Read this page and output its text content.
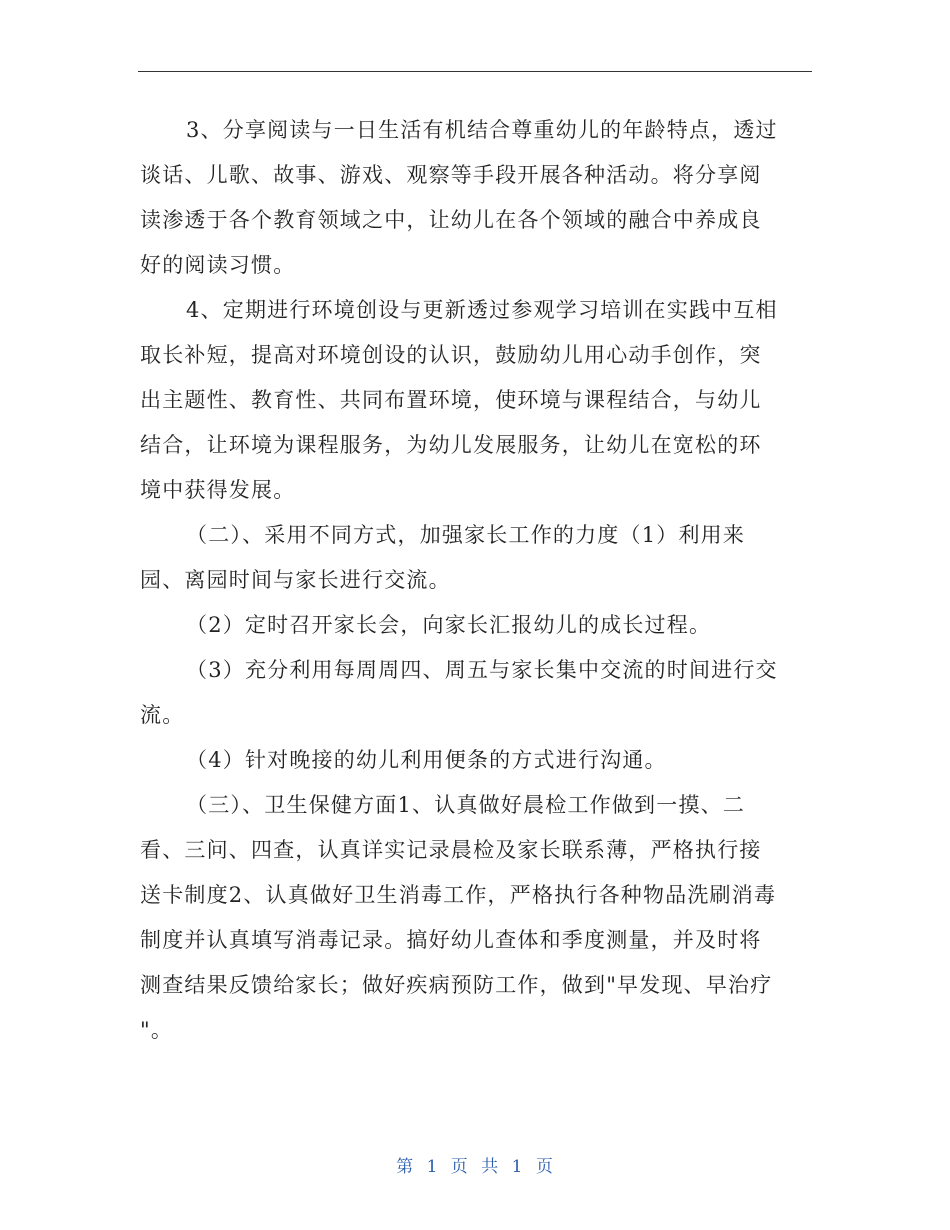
3、分享阅读与一日生活有机结合尊重幼儿的年龄特点，透过
谈话、儿歌、故事、游戏、观察等手段开展各种活动。将分享阅
读渗透于各个教育领域之中，让幼儿在各个领域的融合中养成良
好的阅读习惯。
4、定期进行环境创设与更新透过参观学习培训在实践中互相
取长补短，提高对环境创设的认识，鼓励幼儿用心动手创作，突
出主题性、教育性、共同布置环境，使环境与课程结合，与幼儿
结合，让环境为课程服务，为幼儿发展服务，让幼儿在宽松的环
境中获得发展。
（二）、采用不同方式，加强家长工作的力度（1）利用来
园、离园时间与家长进行交流。
（2）定时召开家长会，向家长汇报幼儿的成长过程。
（3）充分利用每周周四、周五与家长集中交流的时间进行交
流。
（4）针对晚接的幼儿利用便条的方式进行沟通。
（三）、卫生保健方面1、认真做好晨检工作做到一摸、二
看、三问、四查，认真详实记录晨检及家长联系薄，严格执行接
送卡制度2、认真做好卫生消毒工作，严格执行各种物品洗刷消毒
制度并认真填写消毒记录。搞好幼儿查体和季度测量，并及时将
测查结果反馈给家长；做好疾病预防工作，做到"早发现、早治疗
"。
第 1 页 共 1 页
